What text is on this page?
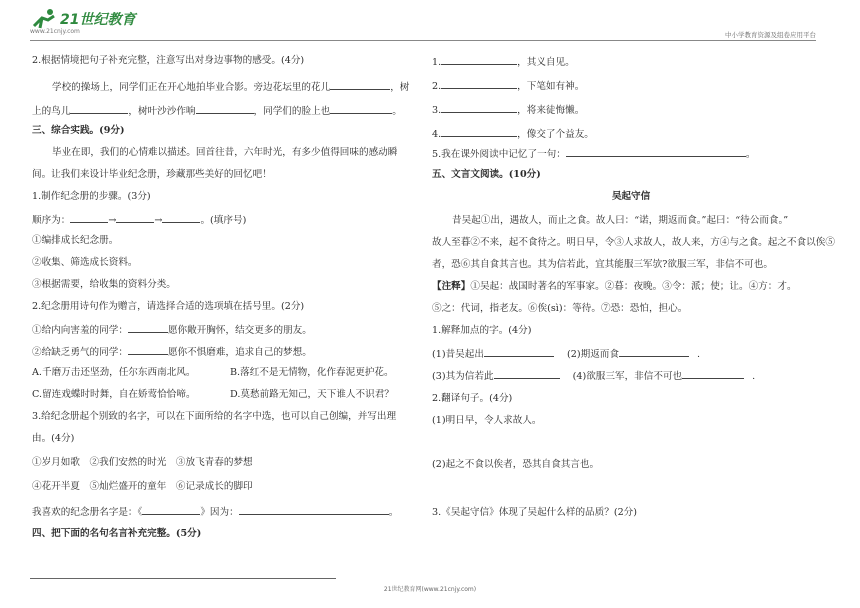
21世纪教育
www.21cnjy.com	中小学教育资源及组卷应用平台
2.根据情境把句子补充完整，注意写出对身边事物的感受。(4分)
学校的操场上，同学们正在开心地拍毕业合影。旁边花坛里的花儿	，树
上的鸟儿	，树叶沙沙作响	，同学们的脸上也	。
三、综合实践。(9分)
毕业在即，我们的心情难以描述。回首往昔，六年时光，有多少值得回味的感动瞬
间。让我们来设计毕业纪念册，珍藏那些美好的回忆吧！
1.制作纪念册的步骤。(3分)
顺序为：	→	→	。(填序号)
①编排成长纪念册。
②收集、筛选成长资料。
③根据需要，给收集的资料分类。
2.纪念册用诗句作为赠言，请选择合适的选项填在括号里。(2分)
①给内向害羞的同学：	愿你敞开胸怀，结交更多的朋友。
②给缺乏勇气的同学：	愿你不惧磨难，追求自己的梦想。
A.千磨万击还坚劲，任尔东西南北风。	B.落红不是无情物，化作春泥更护花。
C.留连戏蝶时时舞，自在娇莺恰恰啼。	D.莫愁前路无知己，天下谁人不识君？
3.给纪念册起个别致的名字，可以在下面所给的名字中选，也可以自己创编，并写出理
由。(4分)
①岁月如歌　②我们安然的时光　③放飞青春的梦想
④花开半夏　⑤灿烂盛开的童年　⑥记录成长的脚印
我喜欢的纪念册名字是：《	》因为：	。
四、把下面的名句名言补充完整。(5分)
1.	，其义自见。
2.	，下笔如有神。
3.	，将来徒悔懒。
4.	，像交了个益友。
5.我在课外阅读中记忆了一句：	。
五、文言文阅读。(10分)
吴起守信
昔吴起①出，遇故人，而止之食。故人曰：“诺，期返而食。”起曰：“待公而食。”
故人至暮②不来，起不食待之。明日早，令③人求故人，故人来，方④与之食。起之不食以俟⑤
者，恐⑥其自食其言也。其为信若此，宜其能服三军欤?欲服三军，非信不可也。
【注释】①吴起：战国时著名的军事家。②暮：夜晚。③令：派；使；让。④方：才。
⑤之：代词，指老友。⑥俟(sì)：等待。⑦恐：恐怕，担心。
1.解释加点的字。(4分)
(1)昔吴起出	(2)期返而食	.
(3)其为信若此	(4)欲服三军，非信不可也	.
2.翻译句子。(4分)
(1)明日早，令人求故人。
(2)起之不食以俟者，恐其自食其言也。
3.《吴起守信》体现了吴起什么样的品质？(2分)
21世纪教育网(www.21cnjy.com)
